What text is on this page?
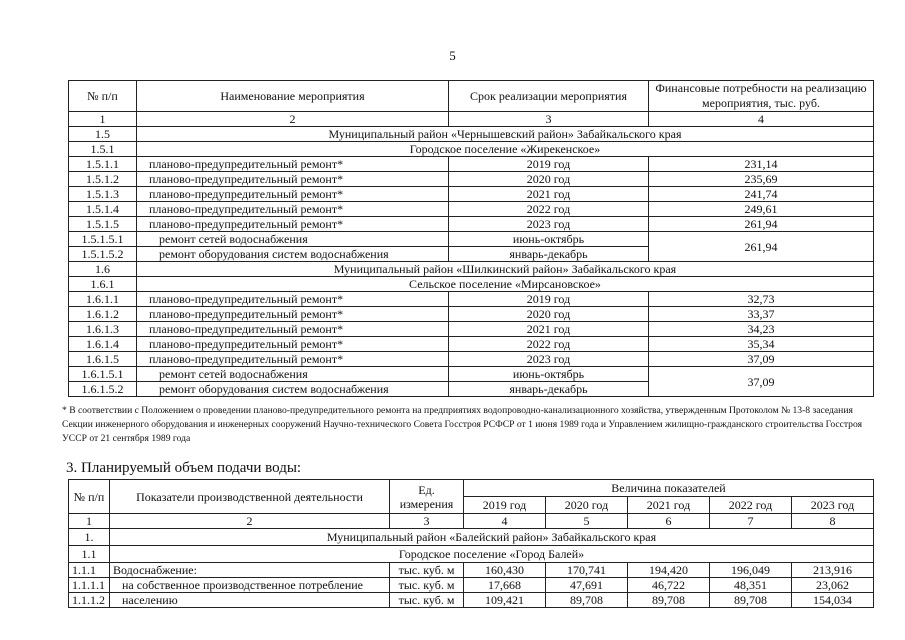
5
№ п/п	Наименование мероприятия	Срок реализации мероприятия	Финансовые потребности на реализацию мероприятия, тыс. руб.
1	2	3	4
1.5	Муниципальный район «Чернышевский район» Забайкальского края		
1.5.1	Городское поселение «Жирекенское»		
1.5.1.1	планово-предупредительный ремонт*	2019 год	231,14
1.5.1.2	планово-предупредительный ремонт*	2020 год	235,69
1.5.1.3	планово-предупредительный ремонт*	2021 год	241,74
1.5.1.4	планово-предупредительный ремонт*	2022 год	249,61
1.5.1.5	планово-предупредительный ремонт*	2023 год	261,94
1.5.1.5.1	ремонт сетей водоснабжения	июнь-октябрь	261,94
1.5.1.5.2	ремонт оборудования систем водоснабжения	январь-декабрь	
1.6	Муниципальный район «Шилкинский район» Забайкальского края		
1.6.1	Сельское поселение «Мирсановское»		
1.6.1.1	планово-предупредительный ремонт*	2019 год	32,73
1.6.1.2	планово-предупредительный ремонт*	2020 год	33,37
1.6.1.3	планово-предупредительный ремонт*	2021 год	34,23
1.6.1.4	планово-предупредительный ремонт*	2022 год	35,34
1.6.1.5	планово-предупредительный ремонт*	2023 год	37,09
1.6.1.5.1	ремонт сетей водоснабжения	июнь-октябрь	37,09
1.6.1.5.2	ремонт оборудования систем водоснабжения	январь-декабрь	
* В соответствии с Положением о проведении планово-предупредительного ремонта на предприятиях водопроводно-канализационного хозяйства, утвержденным Протоколом № 13-8 заседания Секции инженерного оборудования и инженерных сооружений Научно-технического Совета Госстроя РСФСР от 1 июня 1989 года и Управлением жилищно-гражданского строительства Госстроя УССР от 21 сентября 1989 года
3. Планируемый объем подачи воды:
№ п/п	Показатели производственной деятельности	Ед. измерения	Величина показателей				
			2019 год	2020 год	2021 год	2022 год	2023 год
1	2	3	4	5	6	7	8
1.	Муниципальный район «Балейский район» Забайкальского края						
1.1	Городское поселение «Город Балей»						
1.1.1	Водоснабжение:	тыс. куб. м	160,430	170,741	194,420	196,049	213,916
1.1.1.1	на собственное производственное потребление	тыс. куб. м	17,668	47,691	46,722	48,351	23,062
1.1.1.2	населению	тыс. куб. м	109,421	89,708	89,708	89,708	154,034
